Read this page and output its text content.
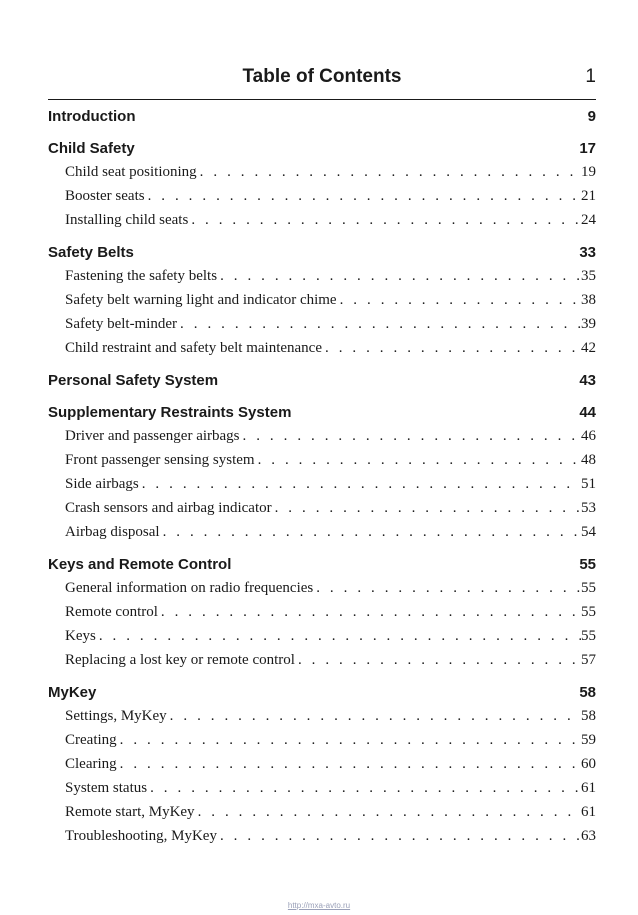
Table of Contents	1
Introduction	9
Child Safety	17
Child seat positioning . . .	19
Booster seats . . .	21
Installing child seats . . .	24
Safety Belts	33
Fastening the safety belts . . .	35
Safety belt warning light and indicator chime . . .	38
Safety belt-minder . . .	39
Child restraint and safety belt maintenance . . .	42
Personal Safety System	43
Supplementary Restraints System	44
Driver and passenger airbags . . .	46
Front passenger sensing system . . .	48
Side airbags . . .	51
Crash sensors and airbag indicator . . .	53
Airbag disposal . . .	54
Keys and Remote Control	55
General information on radio frequencies . . .	55
Remote control . . .	55
Keys . . .	55
Replacing a lost key or remote control . . .	57
MyKey	58
Settings, MyKey . . .	58
Creating . . .	59
Clearing . . .	60
System status . . .	61
Remote start, MyKey . . .	61
Troubleshooting, MyKey . . .	63
http://mxa-avto.ru
